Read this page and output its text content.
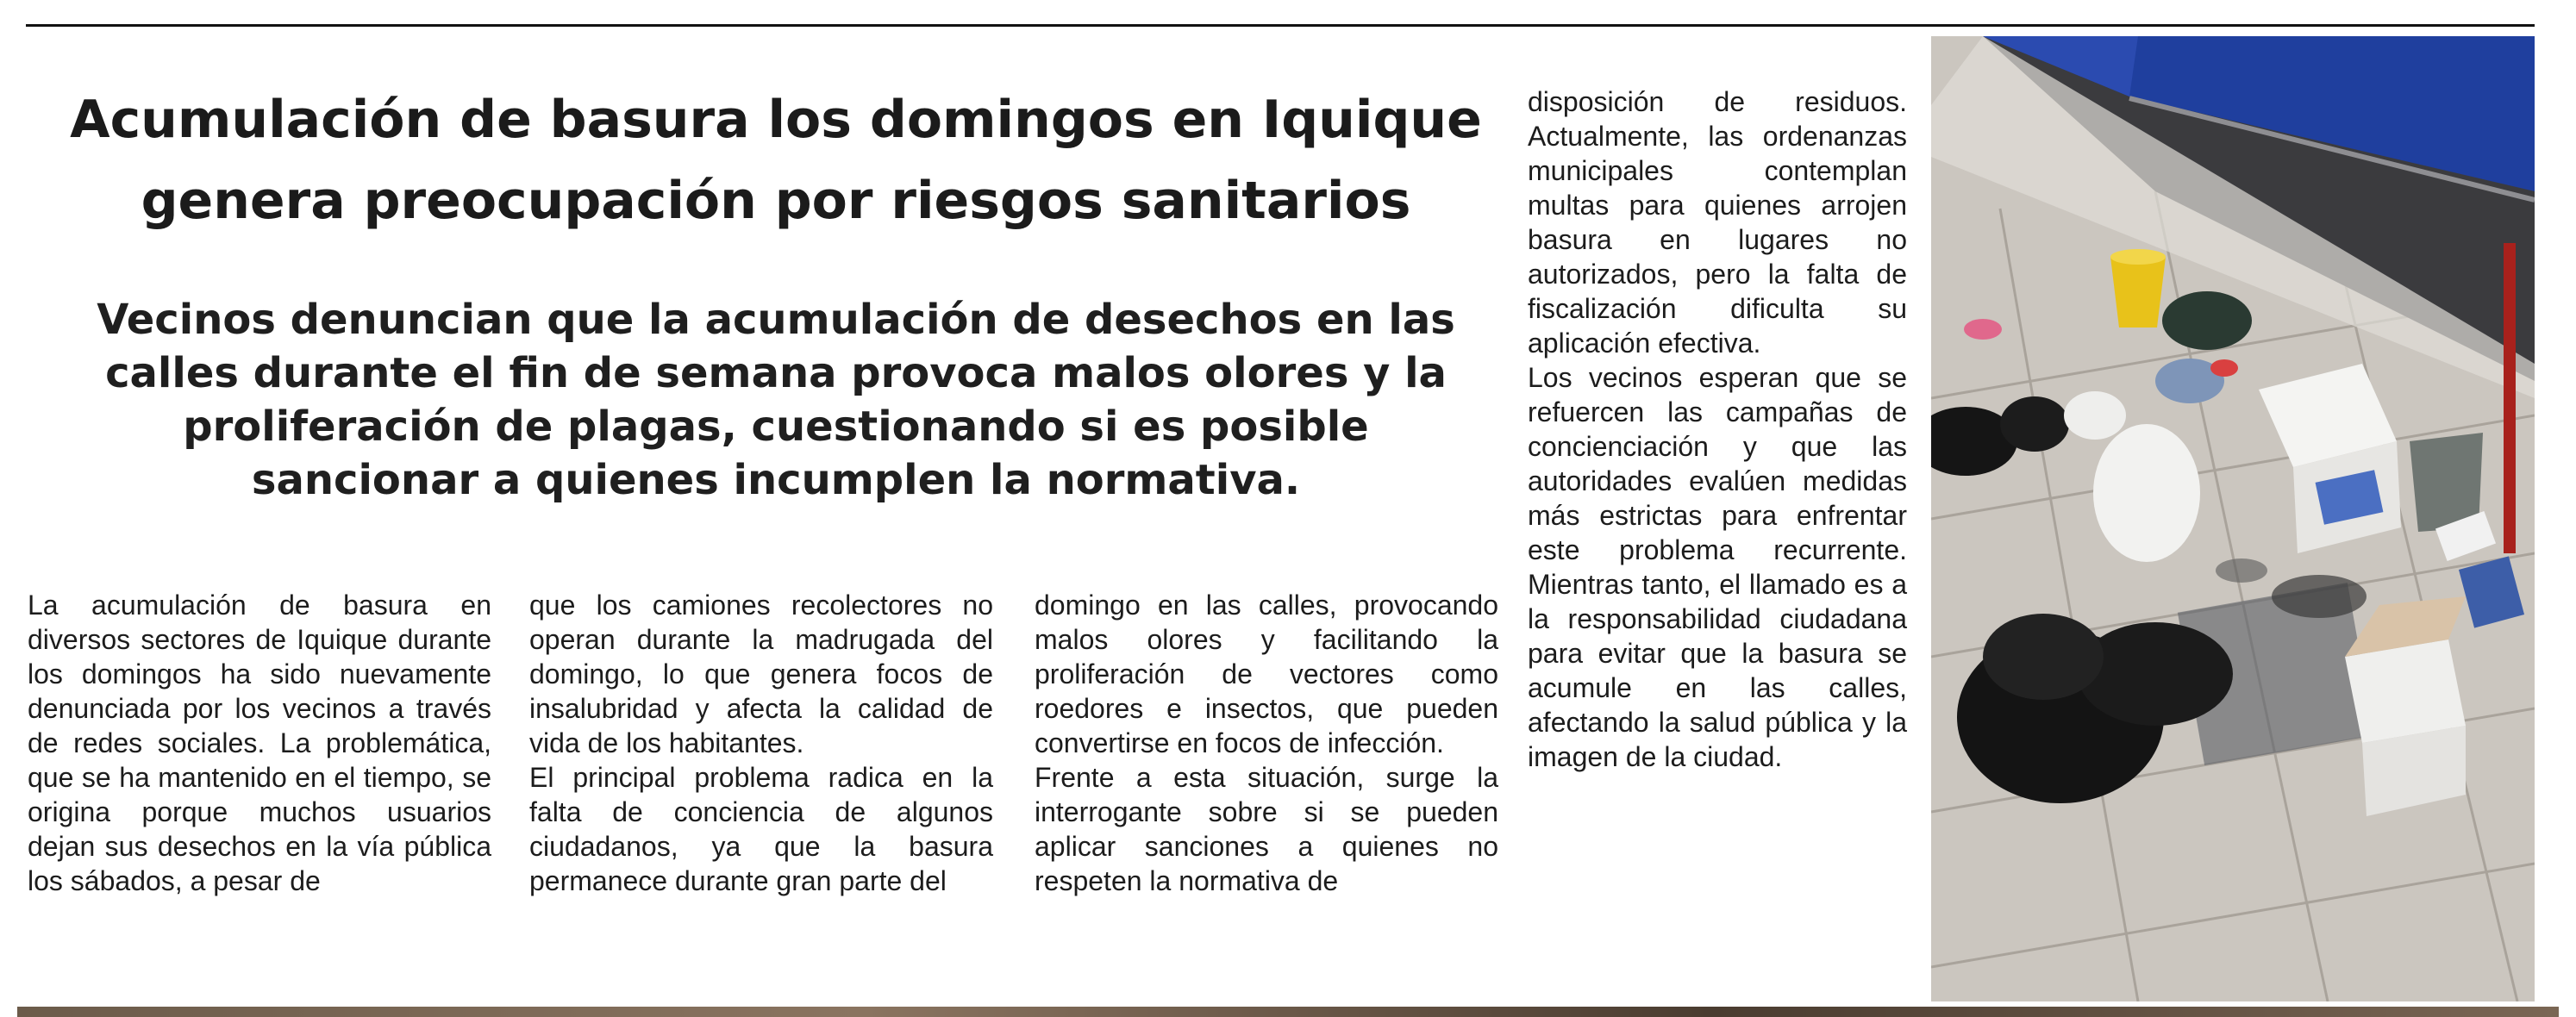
Acumulación de basura los domingos en Iquique genera preocupación por riesgos sanitarios
Vecinos denuncian que la acumulación de desechos en las calles durante el fin de semana provoca malos olores y la proliferación de plagas, cuestionando si es posible sancionar a quienes incumplen la normativa.

La acumulación de basura en diversos sectores de Iquique durante los domingos ha sido nuevamente denunciada por los vecinos a través de redes sociales. La problemática, que se ha mantenido en el tiempo, se origina porque muchos usuarios dejan sus desechos en la vía pública los sábados, a pesar de

que los camiones recolectores no operan durante la madrugada del domingo, lo que genera focos de insalubridad y afecta la calidad de vida de los habitantes.

El principal problema radica en la falta de conciencia de algunos ciudadanos, ya que la basura permanece durante gran parte del

domingo en las calles, provocando malos olores y facilitando la proliferación de vectores como roedores e insectos, que pueden convertirse en focos de infección.

Frente a esta situación, surge la interrogante sobre si se pueden aplicar sanciones a quienes no respeten la normativa de

disposición de residuos. Actualmente, las ordenanzas municipales contemplan multas para quienes arrojen basura en lugares no autorizados, pero la falta de fiscalización dificulta su aplicación efectiva.

Los vecinos esperan que se refuercen las campañas de concienciación y que las autoridades evalúen medidas más estrictas para enfrentar este problema recurrente. Mientras tanto, el llamado es a la responsabilidad ciudadana para evitar que la basura se acumule en las calles, afectando la salud pública y la imagen de la ciudad.
